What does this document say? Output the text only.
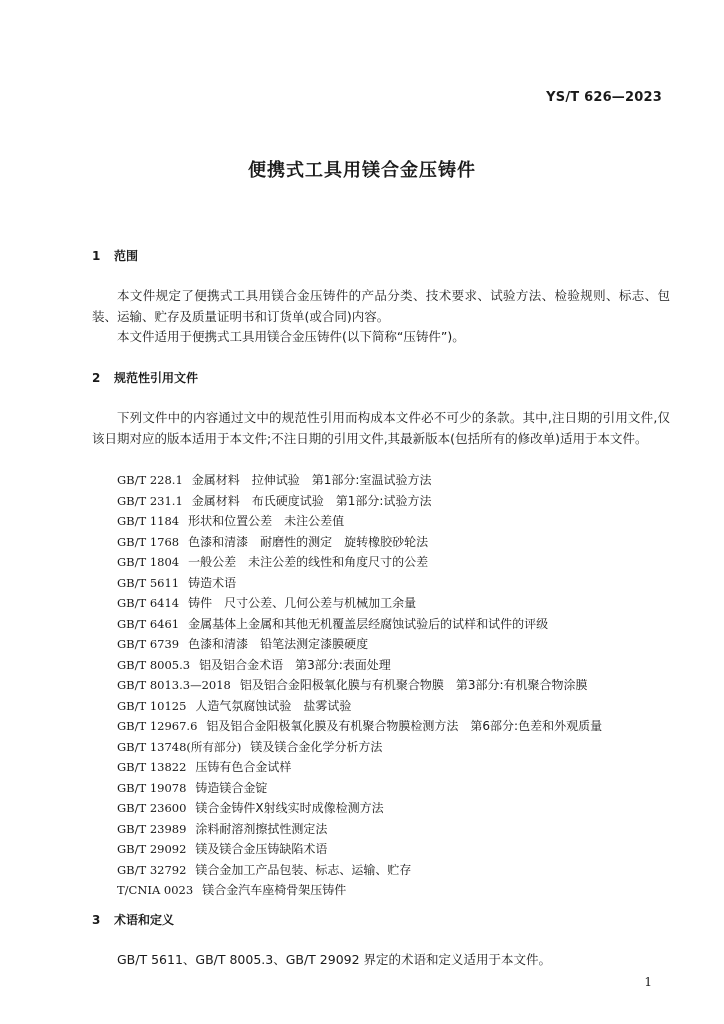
YS/T 626—2023
便携式工具用镁合金压铸件
1 范围

本文件规定了便携式工具用镁合金压铸件的产品分类、技术要求、试验方法、检验规则、标志、包装、运输、贮存及质量证明书和订货单(或合同)内容。

本文件适用于便携式工具用镁合金压铸件(以下简称“压铸件”)。

2 规范性引用文件

下列文件中的内容通过文中的规范性引用而构成本文件必不可少的条款。其中,注日期的引用文件,仅该日期对应的版本适用于本文件;不注日期的引用文件,其最新版本(包括所有的修改单)适用于本文件。

GB/T 228.1 金属材料　拉伸试验　第1部分:室温试验方法
GB/T 231.1 金属材料　布氏硬度试验　第1部分:试验方法
GB/T 1184 形状和位置公差　未注公差值
GB/T 1768 色漆和清漆　耐磨性的测定　旋转橡胶砂轮法
GB/T 1804 一般公差　未注公差的线性和角度尺寸的公差
GB/T 5611 铸造术语
GB/T 6414 铸件　尺寸公差、几何公差与机械加工余量
GB/T 6461 金属基体上金属和其他无机覆盖层经腐蚀试验后的试样和试件的评级
GB/T 6739 色漆和清漆　铅笔法测定漆膜硬度
GB/T 8005.3 铝及铝合金术语　第3部分:表面处理
GB/T 8013.3—2018 铝及铝合金阳极氧化膜与有机聚合物膜　第3部分:有机聚合物涂膜
GB/T 10125 人造气氛腐蚀试验　盐雾试验
GB/T 12967.6 铝及铝合金阳极氧化膜及有机聚合物膜检测方法　第6部分:色差和外观质量
GB/T 13748(所有部分) 镁及镁合金化学分析方法
GB/T 13822 压铸有色合金试样
GB/T 19078 铸造镁合金锭
GB/T 23600 镁合金铸件X射线实时成像检测方法
GB/T 23989 涂料耐溶剂擦拭性测定法
GB/T 29092 镁及镁合金压铸缺陷术语
GB/T 32792 镁合金加工产品包装、标志、运输、贮存
T/CNIA 0023 镁合金汽车座椅骨架压铸件
3 术语和定义

GB/T 5611、GB/T 8005.3、GB/T 29092 界定的术语和定义适用于本文件。

1
